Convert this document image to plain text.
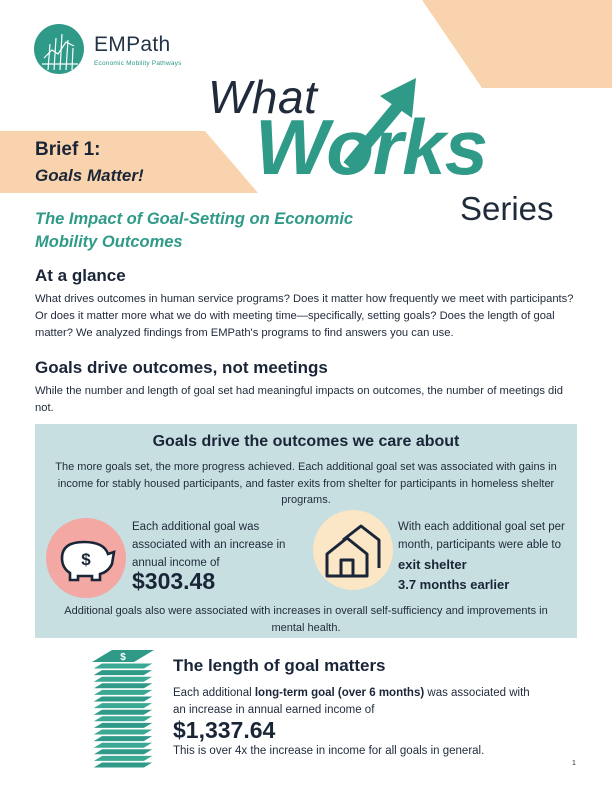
EMPath
Economic Mobility Pathways
What
Works
Series
Brief 1:
Goals Matter!
The Impact of Goal-Setting on Economic Mobility Outcomes
At a glance
What drives outcomes in human service programs? Does it matter how frequently we meet with participants? Or does it matter more what we do with meeting time—specifically, setting goals? Does the length of goal matter? We analyzed findings from EMPath's programs to find answers you can use.
Goals drive outcomes, not meetings
While the number and length of goal set had meaningful impacts on outcomes, the number of meetings did not.
Goals drive the outcomes we care about
The more goals set, the more progress achieved. Each additional goal set was associated with gains in income for stably housed participants, and faster exits from shelter for participants in homeless shelter programs.
$
Each additional goal was associated with an increase in annual income of
$303.48
With each additional goal set per month, participants were able to exit shelter
3.7 months earlier
Additional goals also were associated with increases in overall self-sufficiency and improvements in mental health.
$	The length of goal matters
Each additional long-term goal (over 6 months) was associated with an increase in annual earned income of
$1,337.64
This is over 4x the increase in income for all goals in general.
1
